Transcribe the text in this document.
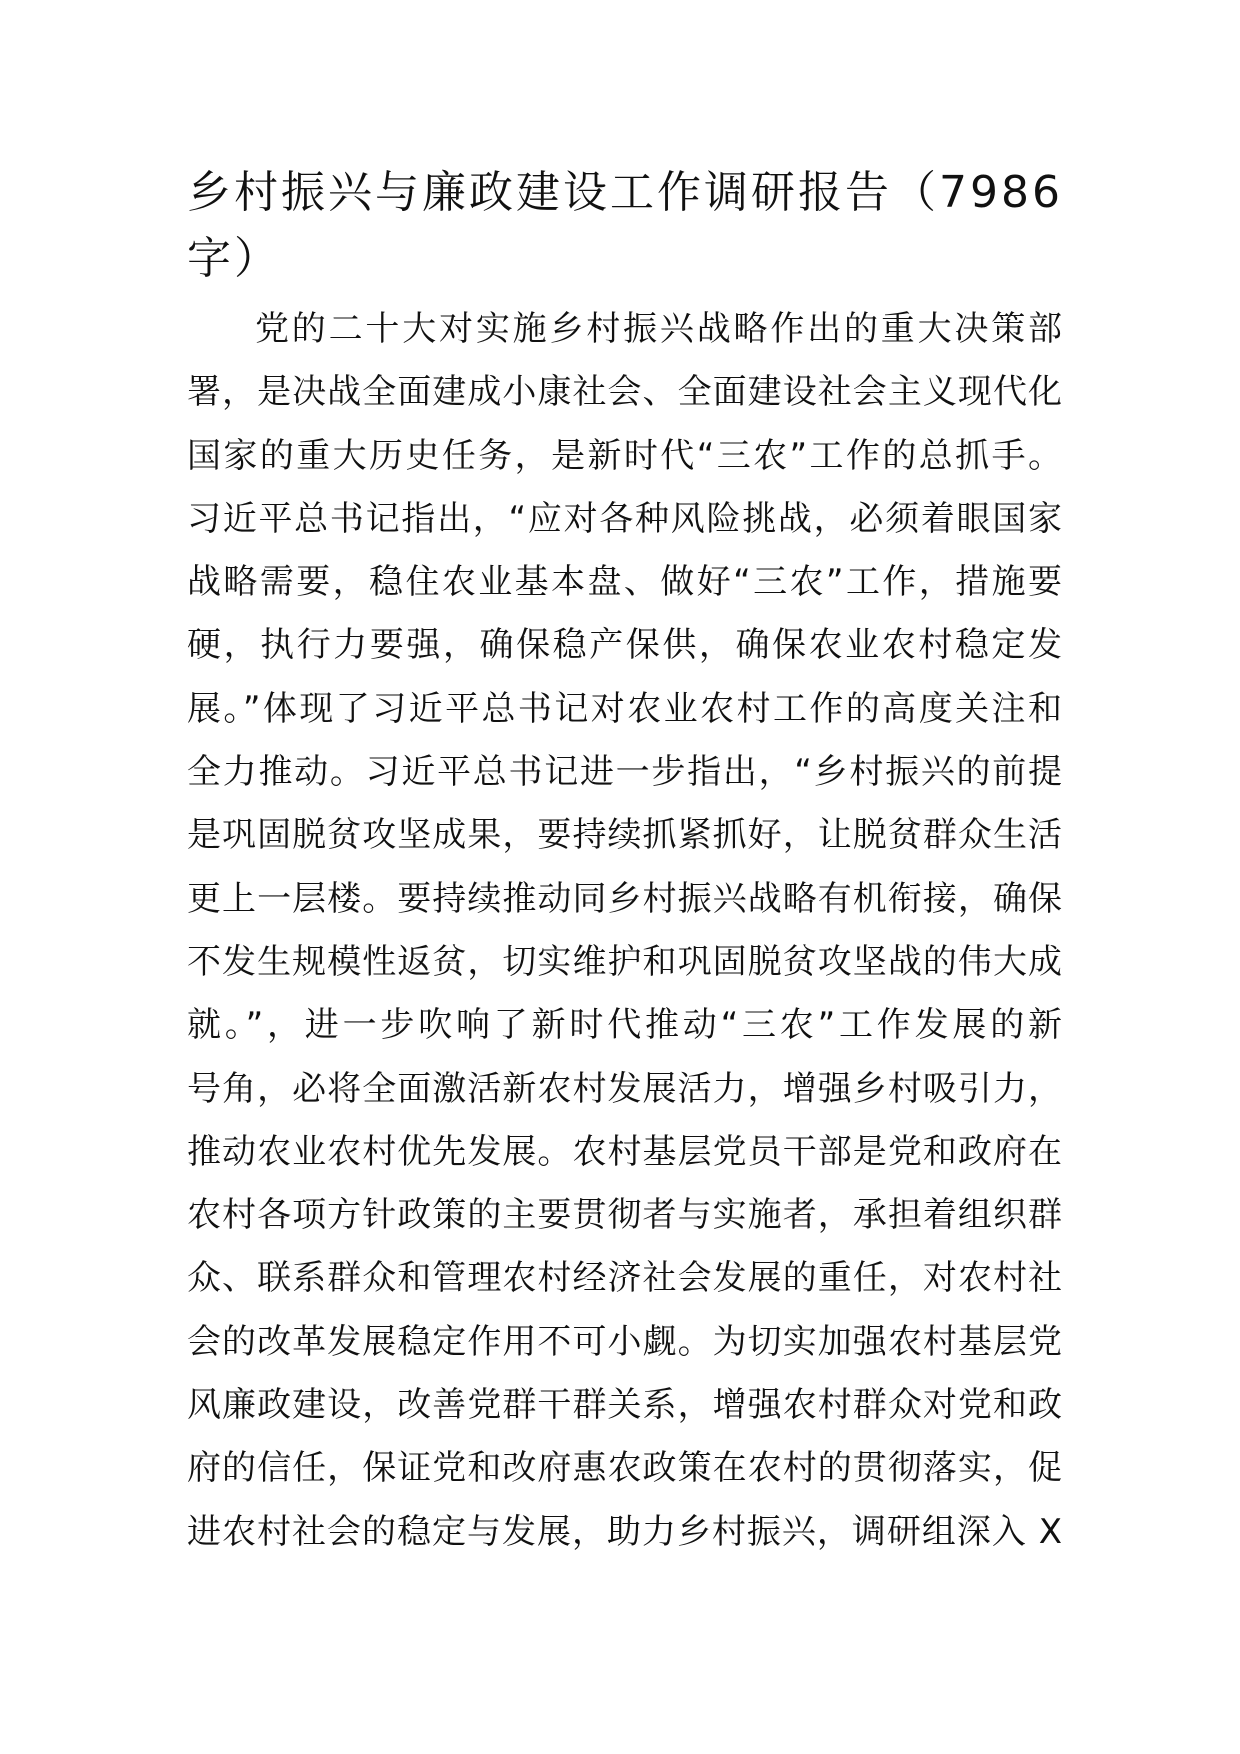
乡村振兴与廉政建设工作调研报告（7986
字）
党的二十大对实施乡村振兴战略作出的重大决策部
署，是决战全面建成小康社会、全面建设社会主义现代化
国家的重大历史任务，是新时代“三农”工作的总抓手。
习近平总书记指出，“应对各种风险挑战，必须着眼国家
战略需要，稳住农业基本盘、做好“三农”工作，措施要
硬，执行力要强，确保稳产保供，确保农业农村稳定发
展。”体现了习近平总书记对农业农村工作的高度关注和
全力推动。习近平总书记进一步指出，“乡村振兴的前提
是巩固脱贫攻坚成果，要持续抓紧抓好，让脱贫群众生活
更上一层楼。要持续推动同乡村振兴战略有机衔接，确保
不发生规模性返贫，切实维护和巩固脱贫攻坚战的伟大成
就。”，进一步吹响了新时代推动“三农”工作发展的新
号角，必将全面激活新农村发展活力，增强乡村吸引力，
推动农业农村优先发展。农村基层党员干部是党和政府在
农村各项方针政策的主要贯彻者与实施者，承担着组织群
众、联系群众和管理农村经济社会发展的重任，对农村社
会的改革发展稳定作用不可小觑。为切实加强农村基层党
风廉政建设，改善党群干群关系，增强农村群众对党和政
府的信任，保证党和改府惠农政策在农村的贯彻落实，促
进农村社会的稳定与发展，助力乡村振兴，调研组深入 X
